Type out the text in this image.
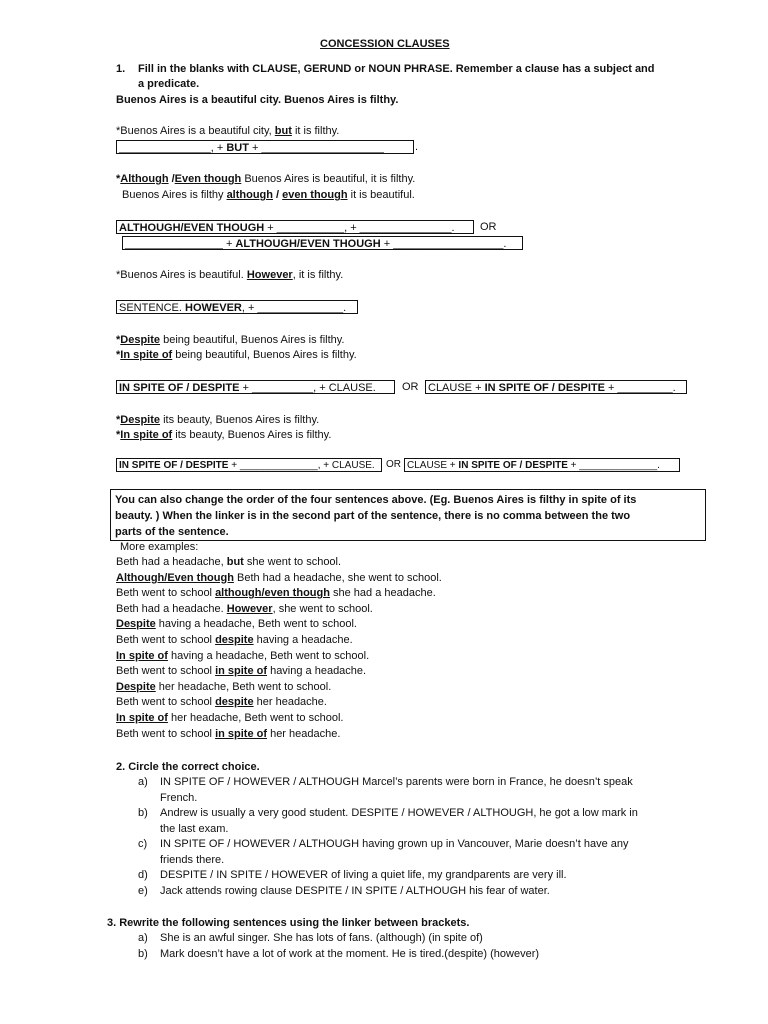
CONCESSION CLAUSES
1. Fill in the blanks with CLAUSE, GERUND or NOUN PHRASE. Remember a clause has a subject and
a predicate.
Buenos Aires is a beautiful city. Buenos Aires is filthy.
*Buenos Aires is a beautiful city, but it is filthy.
_______________, + BUT + ____________________	.
*Although /Even though Buenos Aires is beautiful, it is filthy.
Buenos Aires is filthy although / even though it is beautiful.
ALTHOUGH/EVEN THOUGH + ___________, + _______________.	OR
________________ + ALTHOUGH/EVEN THOUGH + __________________.
*Buenos Aires is beautiful. However, it is filthy.
SENTENCE. HOWEVER, + ______________.
*Despite being beautiful, Buenos Aires is filthy.
*In spite of being beautiful, Buenos Aires is filthy.
IN SPITE OF / DESPITE + __________, + CLAUSE.	OR CLAUSE + IN SPITE OF / DESPITE + _________.
*Despite its beauty, Buenos Aires is filthy.
*In spite of its beauty, Buenos Aires is filthy.
IN SPITE OF / DESPITE + ______________, + CLAUSE.	OR CLAUSE + IN SPITE OF / DESPITE + ______________.
You can also change the order of the four sentences above. (Eg. Buenos Aires is filthy in spite of its
beauty. ) When the linker is in the second part of the sentence, there is no comma between the two
parts of the sentence.
More examples:
Beth had a headache, but she went to school.
Although/Even though Beth had a headache, she went to school.
Beth went to school although/even though she had a headache.
Beth had a headache. However, she went to school.
Despite having a headache, Beth went to school.
Beth went to school despite having a headache.
In spite of having a headache, Beth went to school.
Beth went to school in spite of having a headache.
Despite her headache, Beth went to school.
Beth went to school despite her headache.
In spite of her headache, Beth went to school.
Beth went to school in spite of her headache.
2. Circle the correct choice.
a) IN SPITE OF / HOWEVER / ALTHOUGH Marcel’s parents were born in France, he doesn’t speak
French.
b) Andrew is usually a very good student. DESPITE / HOWEVER / ALTHOUGH, he got a low mark in
the last exam.
c) IN SPITE OF / HOWEVER / ALTHOUGH having grown up in Vancouver, Marie doesn’t have any
friends there.
d) DESPITE / IN SPITE / HOWEVER of living a quiet life, my grandparents are very ill.
e) Jack attends rowing clause DESPITE / IN SPITE / ALTHOUGH his fear of water.
3. Rewrite the following sentences using the linker between brackets.
a) She is an awful singer. She has lots of fans. (although) (in spite of)
b) Mark doesn’t have a lot of work at the moment. He is tired.(despite) (however)
